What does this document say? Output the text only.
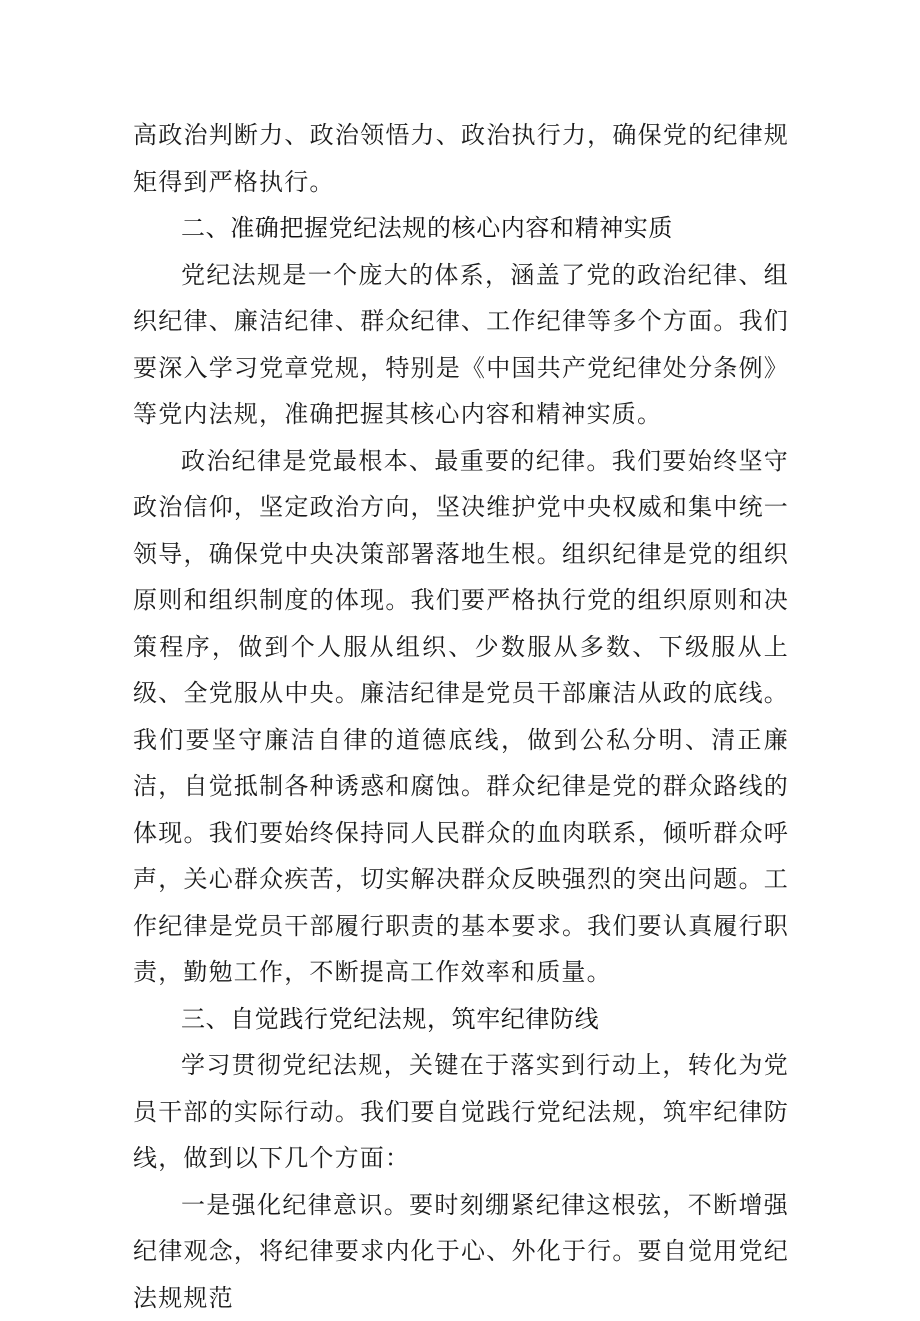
高政治判断力、政治领悟力、政治执行力，确保党的纪律规矩得到严格执行。

二、准确把握党纪法规的核心内容和精神实质

党纪法规是一个庞大的体系，涵盖了党的政治纪律、组织纪律、廉洁纪律、群众纪律、工作纪律等多个方面。我们要深入学习党章党规，特别是《中国共产党纪律处分条例》等党内法规，准确把握其核心内容和精神实质。

政治纪律是党最根本、最重要的纪律。我们要始终坚守政治信仰，坚定政治方向，坚决维护党中央权威和集中统一领导，确保党中央决策部署落地生根。组织纪律是党的组织原则和组织制度的体现。我们要严格执行党的组织原则和决策程序，做到个人服从组织、少数服从多数、下级服从上级、全党服从中央。廉洁纪律是党员干部廉洁从政的底线。我们要坚守廉洁自律的道德底线，做到公私分明、清正廉洁，自觉抵制各种诱惑和腐蚀。群众纪律是党的群众路线的体现。我们要始终保持同人民群众的血肉联系，倾听群众呼声，关心群众疾苦，切实解决群众反映强烈的突出问题。工作纪律是党员干部履行职责的基本要求。我们要认真履行职责，勤勉工作，不断提高工作效率和质量。

三、自觉践行党纪法规，筑牢纪律防线

学习贯彻党纪法规，关键在于落实到行动上，转化为党员干部的实际行动。我们要自觉践行党纪法规，筑牢纪律防线，做到以下几个方面：

一是强化纪律意识。要时刻绷紧纪律这根弦，不断增强纪律观念，将纪律要求内化于心、外化于行。要自觉用党纪法规规范
